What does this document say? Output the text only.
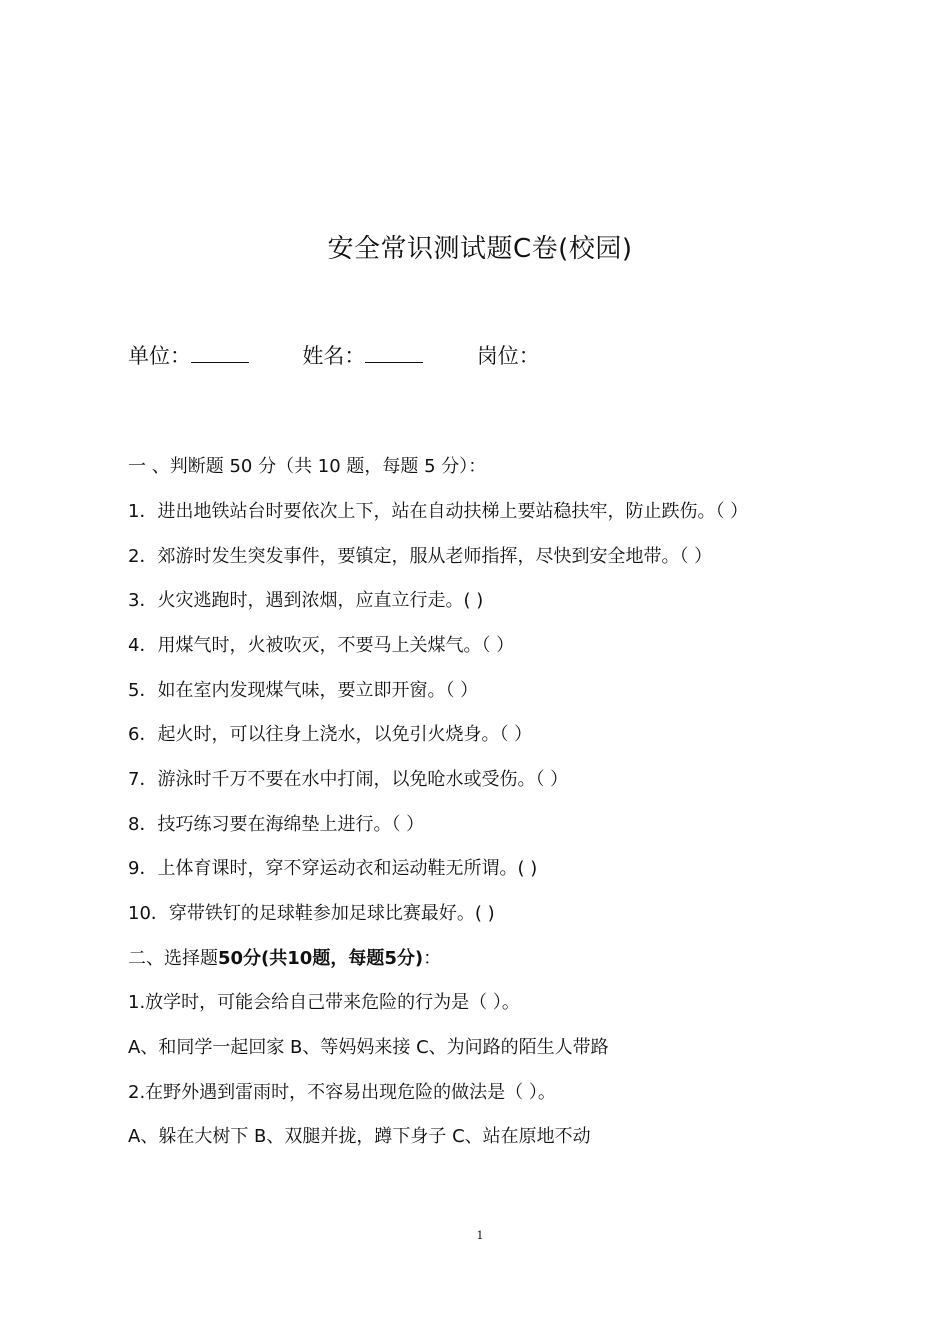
安全常识测试题C卷(校园)
单位：	姓名：	岗位：
一 、判断题 50 分（共 10 题，每题 5 分）：
1．进出地铁站台时要依次上下，站在自动扶梯上要站稳扶牢，防止跌伤。（ ）
2．郊游时发生突发事件，要镇定，服从老师指挥，尽快到安全地带。（ ）
3．火灾逃跑时，遇到浓烟，应直立行走。( )
4．用煤气时，火被吹灭，不要马上关煤气。（ ）
5．如在室内发现煤气味，要立即开窗。（ ）
6．起火时，可以往身上浇水，以免引火烧身。（ ）
7．游泳时千万不要在水中打闹，以免呛水或受伤。（ ）
8．技巧练习要在海绵垫上进行。（ ）
9．上体育课时，穿不穿运动衣和运动鞋无所谓。( )
10．穿带铁钉的足球鞋参加足球比赛最好。( )
二、选择题50分(共10题，每题5分)：
1.放学时，可能会给自己带来危险的行为是（ ）。
A、和同学一起回家 B、等妈妈来接 C、为问路的陌生人带路
2.在野外遇到雷雨时，不容易出现危险的做法是（ ）。
A、躲在大树下 B、双腿并拢，蹲下身子 C、站在原地不动
1
